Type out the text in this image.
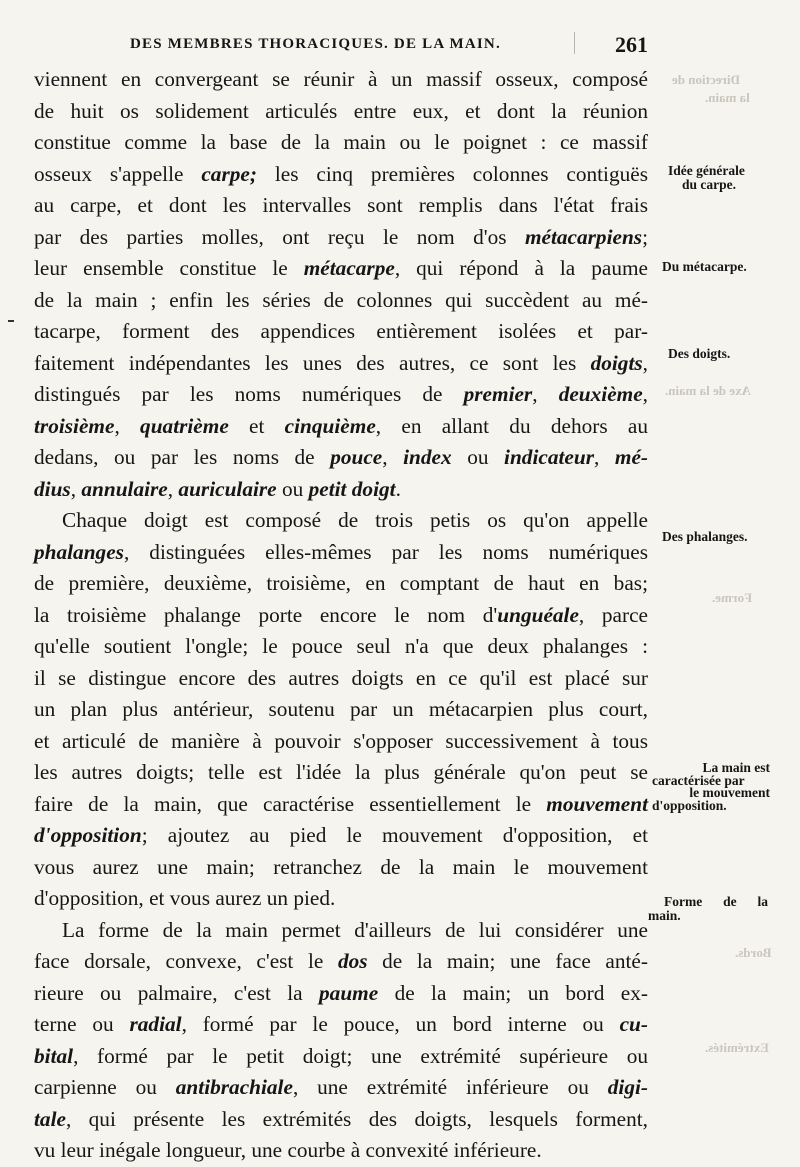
Direction de
la main.
Axe de la main.
Forme.
Bords.
Extrémités.
DES MEMBRES THORACIQUES. DE LA MAIN.	261
viennent en convergeant se réunir à un massif osseux, composé
de huit os solidement articulés entre eux, et dont la réunion
constitue comme la base de la main ou le poignet : ce massif
osseux s'appelle carpe; les cinq premières colonnes contiguës
au carpe, et dont les intervalles sont remplis dans l'état frais
par des parties molles, ont reçu le nom d'os métacarpiens;
leur ensemble constitue le métacarpe, qui répond à la paume
de la main ; enfin les séries de colonnes qui succèdent au mé-
tacarpe, forment des appendices entièrement isolées et par-
faitement indépendantes les unes des autres, ce sont les doigts,
distingués par les noms numériques de premier, deuxième,
troisième, quatrième et cinquième, en allant du dehors au
dedans, ou par les noms de pouce, index ou indicateur, mé-
dius, annulaire, auriculaire ou petit doigt.
Chaque doigt est composé de trois petis os qu'on appelle
phalanges, distinguées elles-mêmes par les noms numériques
de première, deuxième, troisième, en comptant de haut en bas;
la troisième phalange porte encore le nom d'unguéale, parce
qu'elle soutient l'ongle; le pouce seul n'a que deux phalanges :
il se distingue encore des autres doigts en ce qu'il est placé sur
un plan plus antérieur, soutenu par un métacarpien plus court,
et articulé de manière à pouvoir s'opposer successivement à tous
les autres doigts; telle est l'idée la plus générale qu'on peut se
faire de la main, que caractérise essentiellement le mouvement
d'opposition; ajoutez au pied le mouvement d'opposition, et
vous aurez une main; retranchez de la main le mouvement
d'opposition, et vous aurez un pied.
La forme de la main permet d'ailleurs de lui considérer une
face dorsale, convexe, c'est le dos de la main; une face anté-
rieure ou palmaire, c'est la paume de la main; un bord ex-
terne ou radial, formé par le pouce, un bord interne ou cu-
bital, formé par le petit doigt; une extrémité supérieure ou
carpienne ou antibrachiale, une extrémité inférieure ou digi-
tale, qui présente les extrémités des doigts, lesquels forment,
vu leur inégale longueur, une courbe à convexité inférieure.
Idée générale
du carpe.
Du métacarpe.
Des doigts.
Des phalanges.
La main est
caractérisée par
le mouvement
d'opposition.
Forme de la
main.
